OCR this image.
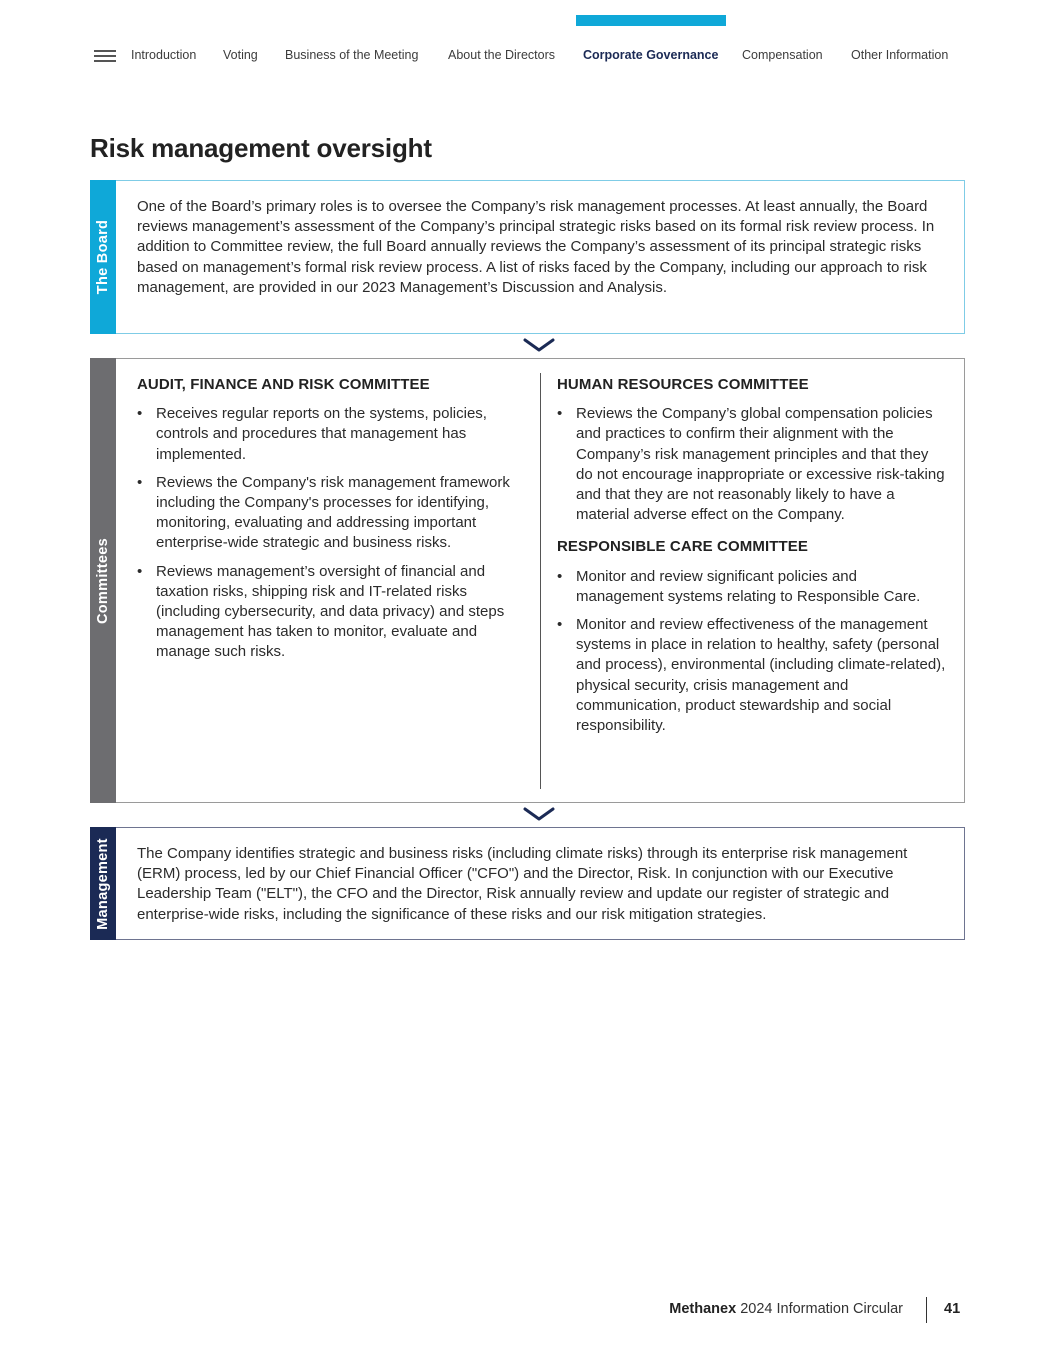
Introduction Voting Business of the Meeting About the Directors Corporate Governance Compensation Other Information
Risk management oversight
The Board

One of the Board’s primary roles is to oversee the Company’s risk management processes. At least annually, the Board reviews management’s assessment of the Company’s principal strategic risks based on its formal risk review process. In addition to Committee review, the full Board annually reviews the Company’s assessment of its principal strategic risks based on management’s formal risk review process. A list of risks faced by the Company, including our approach to risk management, are provided in our 2023 Management’s Discussion and Analysis.

Committees
AUDIT, FINANCE AND RISK COMMITTEE
• Receives regular reports on the systems, policies, controls and procedures that management has implemented.
• Reviews the Company's risk management framework including the Company's processes for identifying, monitoring, evaluating and addressing important enterprise-wide strategic and business risks.
• Reviews management’s oversight of financial and taxation risks, shipping risk and IT-related risks (including cybersecurity, and data privacy) and steps management has taken to monitor, evaluate and manage such risks.
HUMAN RESOURCES COMMITTEE
• Reviews the Company’s global compensation policies and practices to confirm their alignment with the Company’s risk management principles and that they do not encourage inappropriate or excessive risk-taking and that they are not reasonably likely to have a material adverse effect on the Company.
RESPONSIBLE CARE COMMITTEE
• Monitor and review significant policies and management systems relating to Responsible Care.
• Monitor and review effectiveness of the management systems in place in relation to healthy, safety (personal and process), environmental (including climate-related), physical security, crisis management and communication, product stewardship and social responsibility.
Management The Company identifies strategic and business risks (including climate risks) through its enterprise risk management (ERM) process, led by our Chief Financial Officer ("CFO") and the Director, Risk. In conjunction with our Executive Leadership Team ("ELT"), the CFO and the Director, Risk annually review and update our register of strategic and enterprise-wide risks, including the significance of these risks and our risk mitigation strategies.

Methanex 2024 Information Circular	41
